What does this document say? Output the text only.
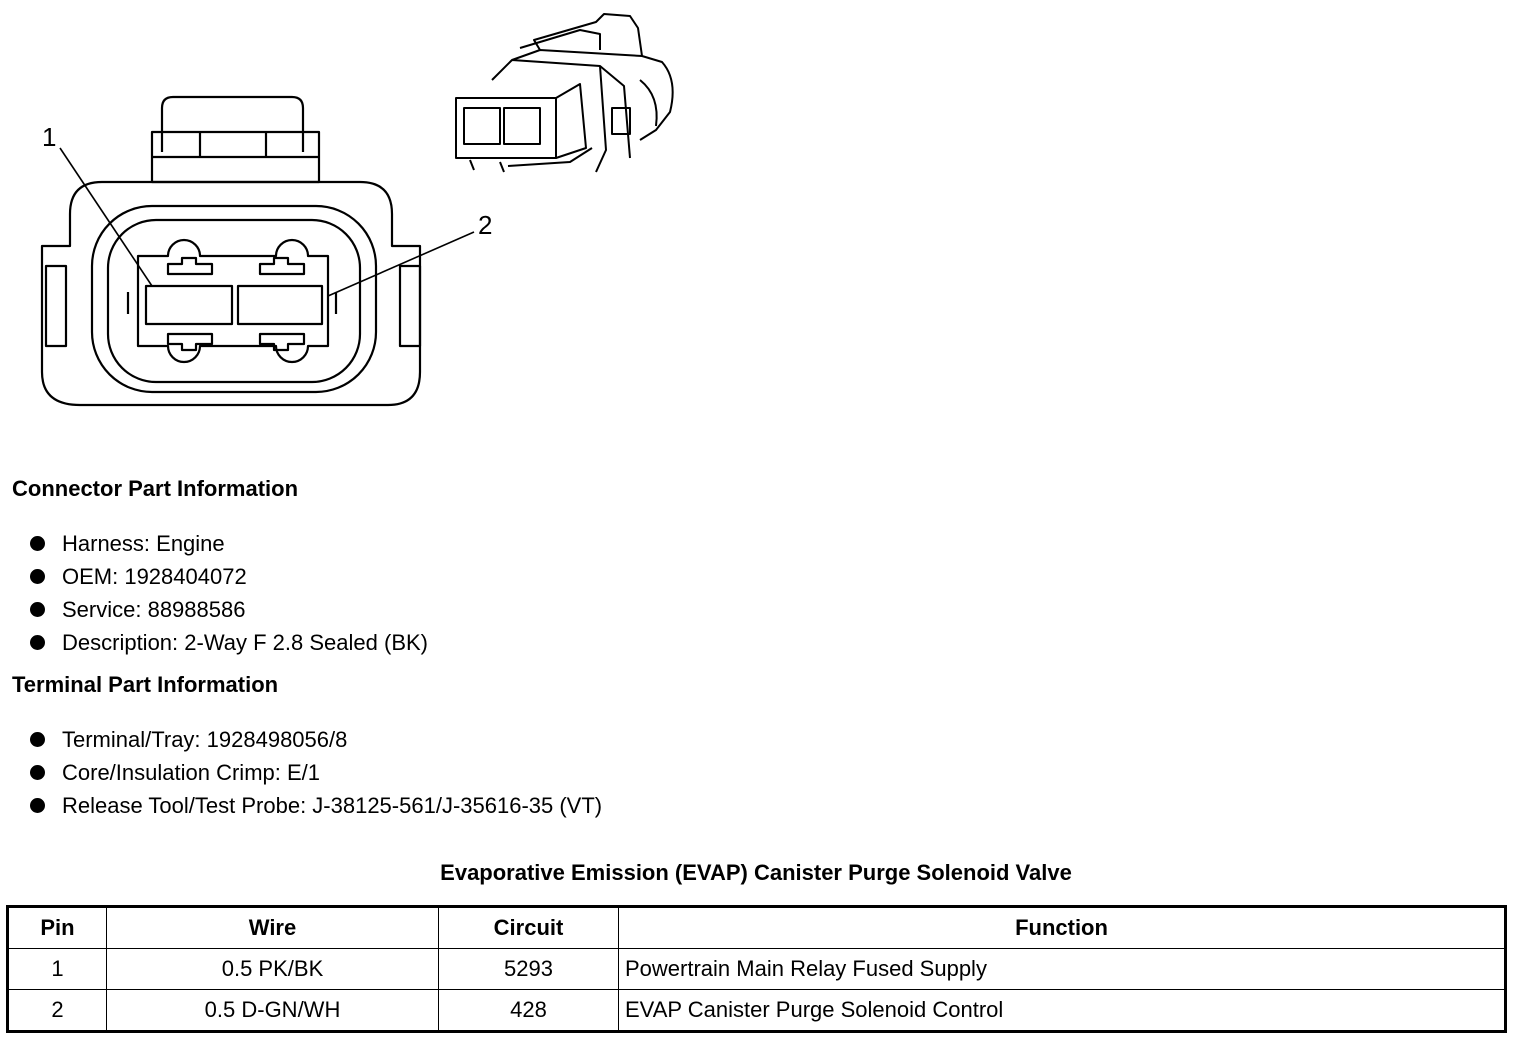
1
2
Connector Part Information
Harness: Engine
OEM: 1928404072
Service: 88988586
Description: 2-Way F 2.8 Sealed (BK)
Terminal Part Information
Terminal/Tray: 1928498056/8
Core/Insulation Crimp: E/1
Release Tool/Test Probe: J-38125-561/J-35616-35 (VT)
Evaporative Emission (EVAP) Canister Purge Solenoid Valve
Pin	Wire	Circuit	Function
1	0.5 PK/BK	5293	Powertrain Main Relay Fused Supply
2	0.5 D-GN/WH	428	EVAP Canister Purge Solenoid Control
